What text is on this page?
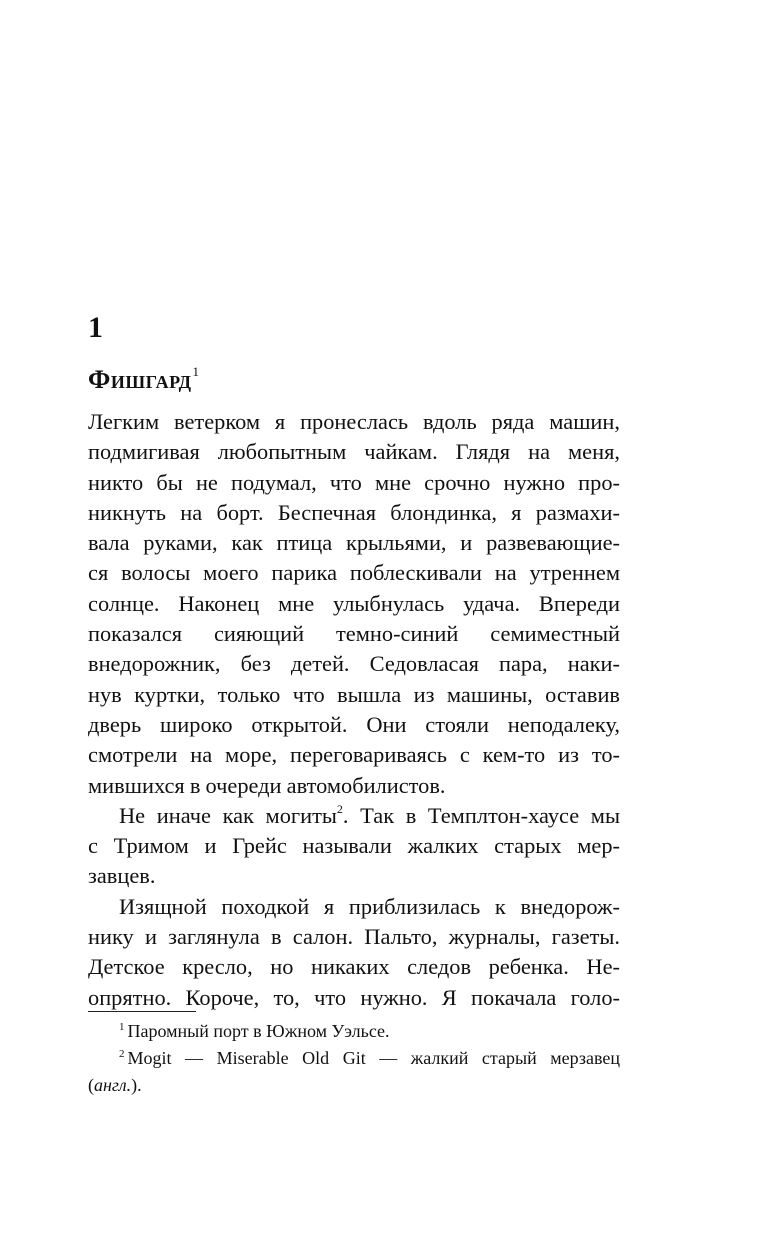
1
Фишгард$^1$

Легким ветерком я пронеслась вдоль ряда машин,
подмигивая любопытным чайкам. Глядя на меня,
никто бы не подумал, что мне срочно нужно про-
никнуть на борт. Беспечная блондинка, я размахи-
вала руками, как птица крыльями, и развевающие-
ся волосы моего парика поблескивали на утреннем
солнце. Наконец мне улыбнулась удача. Впереди
показался сияющий темно-синий семиместный
внедорожник, без детей. Седовласая пара, наки-
нув куртки, только что вышла из машины, оставив
дверь широко открытой. Они стояли неподалеку,
смотрели на море, переговариваясь с кем-то из то-
мившихся в очереди автомобилистов.

Не иначе как могиты$^2$. Так в Темплтон-хаусе мы
с Тримом и Грейс называли жалких старых мер-
завцев.

Изящной походкой я приблизилась к внедорож-
нику и заглянула в салон. Пальто, журналы, газеты.
Детское кресло, но никаких следов ребенка. Не-
опрятно. Короче, то, что нужно. Я покачала голо-

$^1$ Паромный порт в Южном Уэльсе.
$^2$ Mogit — Miserable Old Git — жалкий старый мерзавец
(англ.).
